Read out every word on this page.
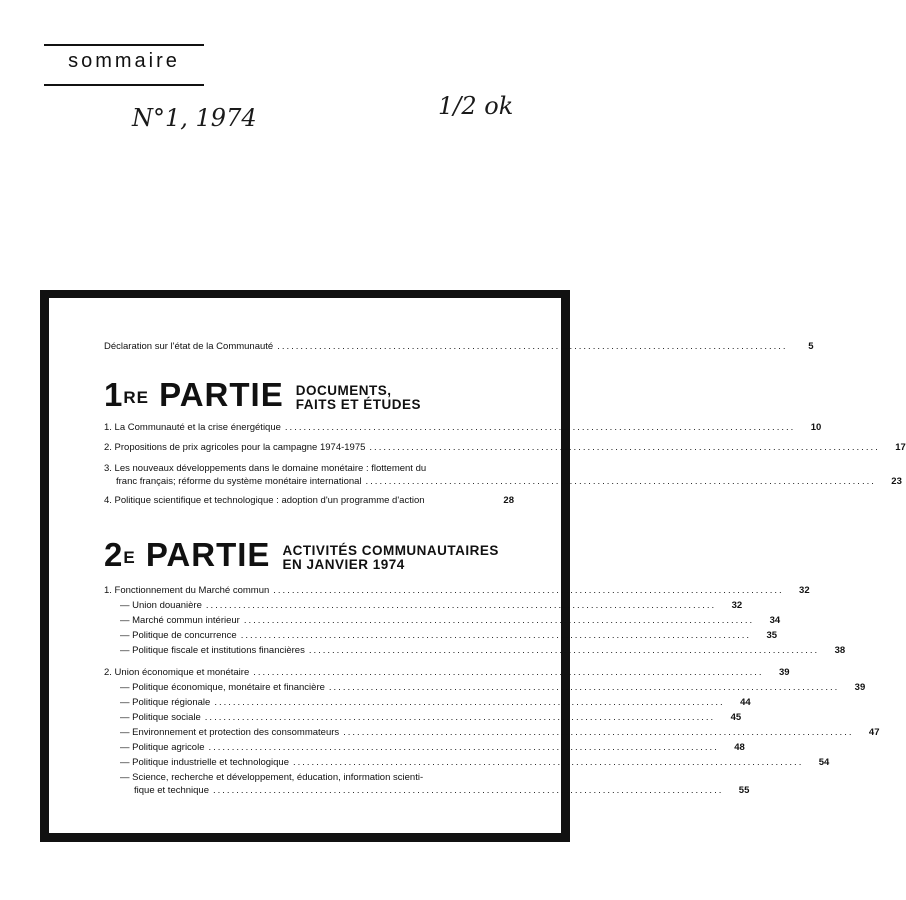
sommaire
N°1, 1974	1/2 ok
Déclaration sur l'état de la Communauté ..............................................................................................................	5
1RE PARTIE DOCUMENTS,
FAITS ET ÉTUDES
1. La Communauté et la crise énergétique ..............................................................................................................	10
2. Propositions de prix agricoles pour la campagne 1974-1975 ..............................................................................................................	17
3. Les nouveaux développements dans le domaine monétaire : flottement du
franc français; réforme du système monétaire international ..............................................................................................................	23
4. Politique scientifique et technologique : adoption d'un programme d'action	28
$2^E$ PARTIE ACTIVITÉS COMMUNAUTAIRES
EN JANVIER 1974
1. Fonctionnement du Marché commun ..............................................................................................................	32
— Union douanière ..............................................................................................................	32
— Marché commun intérieur ..............................................................................................................	34
— Politique de concurrence ..............................................................................................................	35
— Politique fiscale et institutions financières ..............................................................................................................	38
2. Union économique et monétaire ..............................................................................................................	39
— Politique économique, monétaire et financière ..............................................................................................................	39
— Politique régionale ..............................................................................................................	44
— Politique sociale ..............................................................................................................	45
— Environnement et protection des consommateurs ..............................................................................................................	47
— Politique agricole ..............................................................................................................	48
— Politique industrielle et technologique ..............................................................................................................	54
— Science, recherche et développement, éducation, information scienti-
fique et technique ..............................................................................................................	55
